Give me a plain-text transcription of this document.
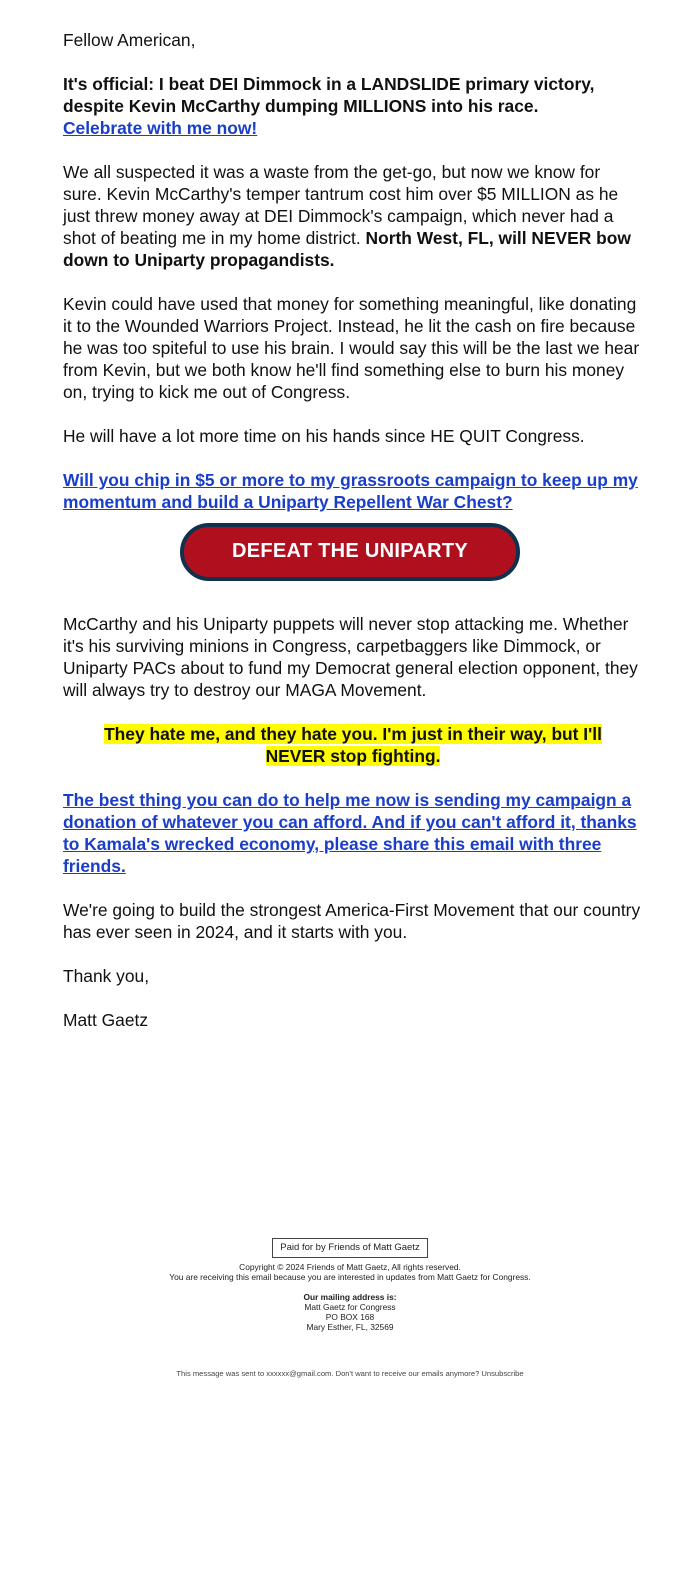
Fellow American,

It's official: I beat DEI Dimmock in a LANDSLIDE primary victory, despite Kevin McCarthy dumping MILLIONS into his race.
Celebrate with me now!

We all suspected it was a waste from the get-go, but now we know for sure. Kevin McCarthy's temper tantrum cost him over $5 MILLION as he just threw money away at DEI Dimmock's campaign, which never had a shot of beating me in my home district. North West, FL, will NEVER bow down to Uniparty propagandists.

Kevin could have used that money for something meaningful, like donating it to the Wounded Warriors Project. Instead, he lit the cash on fire because he was too spiteful to use his brain. I would say this will be the last we hear from Kevin, but we both know he'll find something else to burn his money on, trying to kick me out of Congress.

He will have a lot more time on his hands since HE QUIT Congress.

Will you chip in $5 or more to my grassroots campaign to keep up my momentum and build a Uniparty Repellent War Chest?

DEFEAT THE UNIPARTY

McCarthy and his Uniparty puppets will never stop attacking me. Whether it's his surviving minions in Congress, carpetbaggers like Dimmock, or Uniparty PACs about to fund my Democrat general election opponent, they will always try to destroy our MAGA Movement.

They hate me, and they hate you. I'm just in their way, but I'll
NEVER stop fighting.

The best thing you can do to help me now is sending my campaign a donation of whatever you can afford. And if you can't afford it, thanks to Kamala's wrecked economy, please share this email with three friends.

We're going to build the strongest America-First Movement that our country has ever seen in 2024, and it starts with you.

Thank you,

Matt Gaetz

Paid for by Friends of Matt Gaetz
Copyright © 2024 Friends of Matt Gaetz, All rights reserved.
You are receiving this email because you are interested in updates from Matt Gaetz for Congress.
Our mailing address is:
Matt Gaetz for Congress
PO BOX 168
Mary Esther, FL, 32569
This message was sent to xxxxxx@gmail.com. Don't want to receive our emails anymore? Unsubscribe
